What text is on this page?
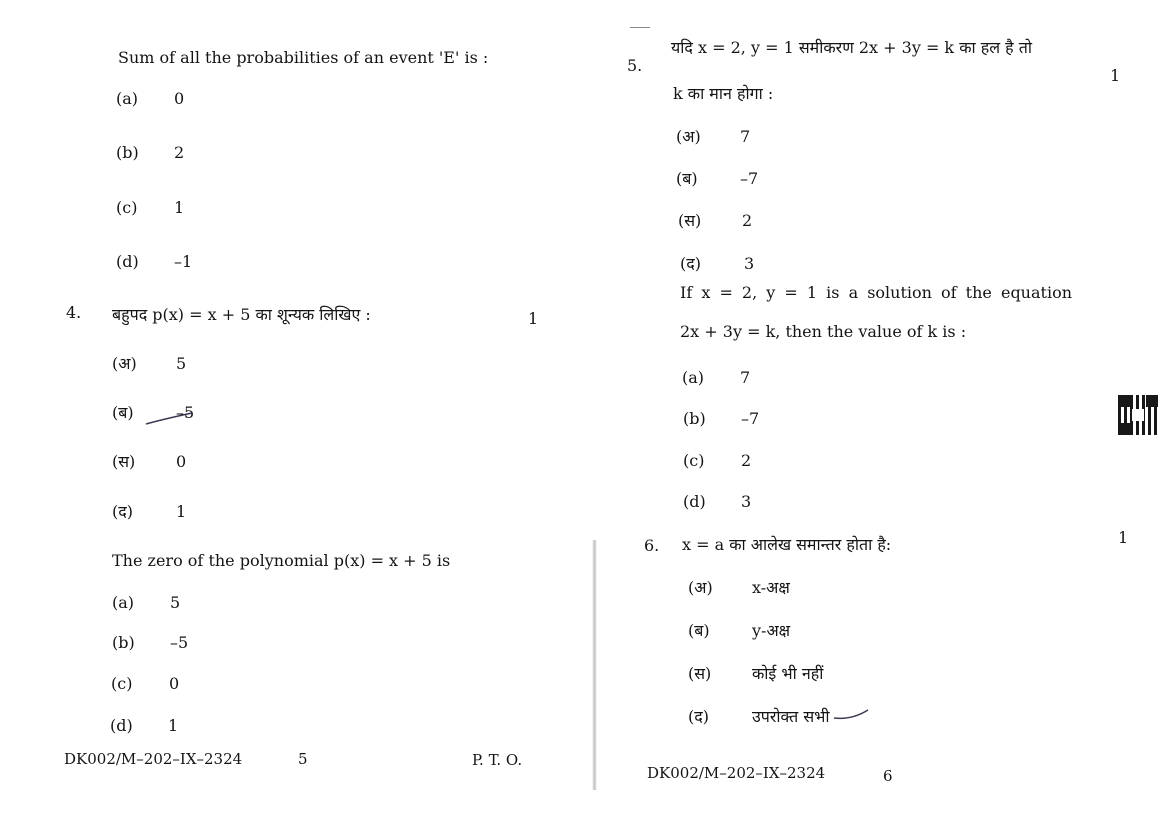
Sum of all the probabilities of an event 'E' is :
(a) 0
(b) 2
(c) 1
(d) –1
4. बहुपद p(x) = x + 5 का शून्यक लिखिए :	1
(अ) 5
(ब)	–5
(स)	0
(द)	1
The zero of the polynomial p(x) = x + 5 is
(a) 5
(b) –5
(c) 0
(d) 1
DK002/M–202–IX–2324	5	P. T. O.
5.
यदि x = 2, y = 1 समीकरण 2x + 3y = k का हल है तो
1
k का मान होगा :
(अ) 7
(ब)	–7
(स)	2
(द)	3
If x = 2, y = 1 is a solution of the equation
2x + 3y = k, then the value of k is :
(a) 7
(b) –7
(c) 2
(d) 3
6. x = a का आलेख समान्तर होता है:	1
(अ) x-अक्ष
(ब)	y-अक्ष
(स)	कोई भी नहीं
(द)	उपरोक्त सभी
DK002/M–202–IX–2324	6
